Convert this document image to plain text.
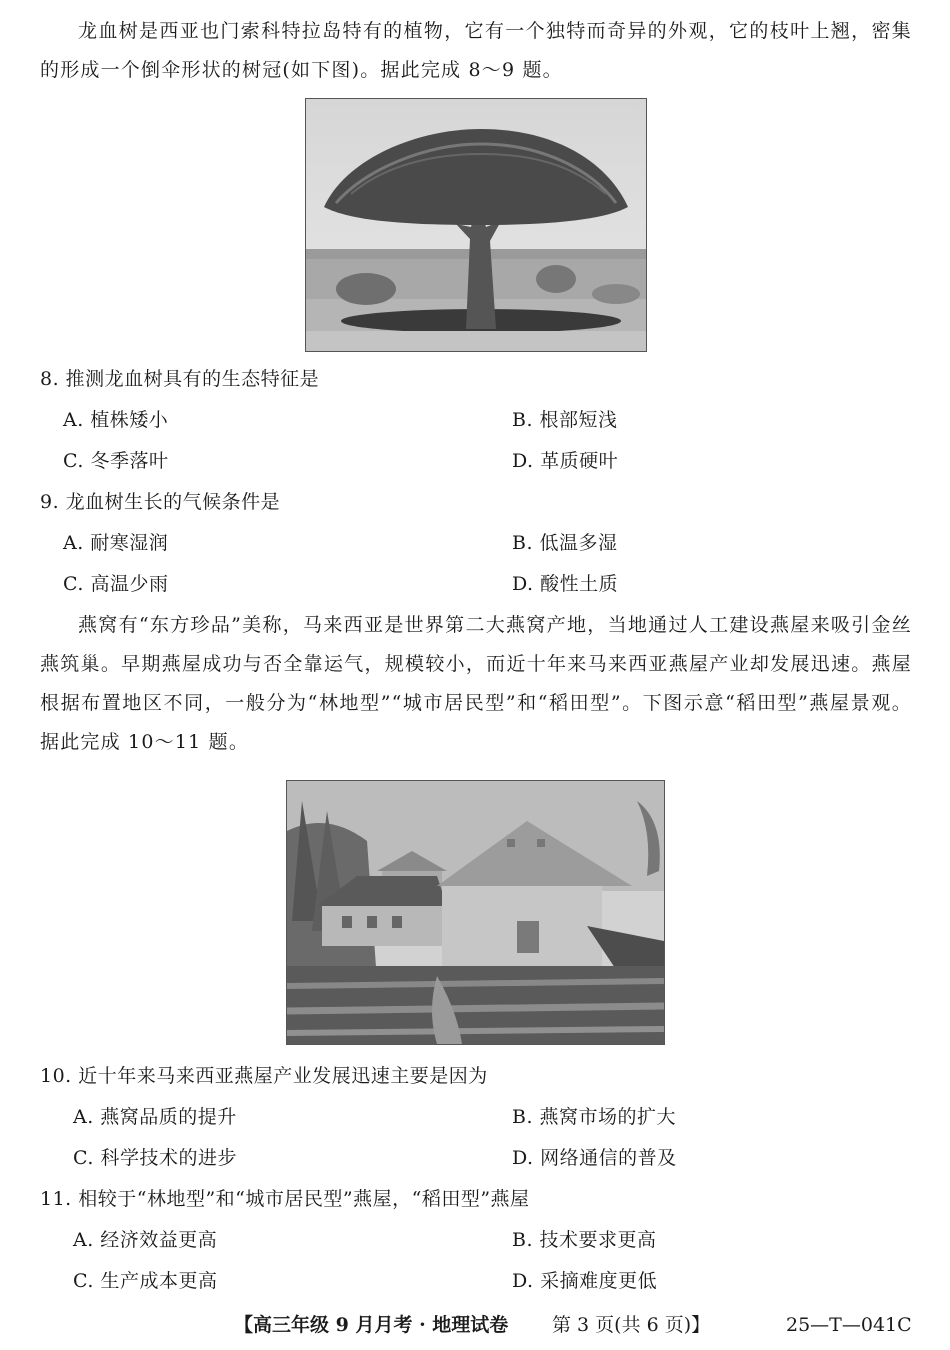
龙血树是西亚也门索科特拉岛特有的植物，它有一个独特而奇异的外观，它的枝叶上翘，密集的形成一个倒伞形状的树冠(如下图)。据此完成 8～9 题。

8. 推测龙血树具有的生态特征是
A. 植株矮小	B. 根部短浅
C. 冬季落叶	D. 革质硬叶
9. 龙血树生长的气候条件是
A. 耐寒湿润	B. 低温多湿
C. 高温少雨	D. 酸性土质

燕窝有“东方珍品”美称，马来西亚是世界第二大燕窝产地，当地通过人工建设燕屋来吸引金丝燕筑巢。早期燕屋成功与否全靠运气，规模较小，而近十年来马来西亚燕屋产业却发展迅速。燕屋根据布置地区不同，一般分为“林地型”“城市居民型”和“稻田型”。下图示意“稻田型”燕屋景观。据此完成 10～11 题。

10. 近十年来马来西亚燕屋产业发展迅速主要是因为
A. 燕窝品质的提升	B. 燕窝市场的扩大
C. 科学技术的进步	D. 网络通信的普及
11. 相较于“林地型”和“城市居民型”燕屋，“稻田型”燕屋
A. 经济效益更高	B. 技术要求更高
C. 生产成本更高	D. 采摘难度更低
【高三年级 9 月月考 · 地理试卷 第 3 页(共 6 页)】	25—T—041C
